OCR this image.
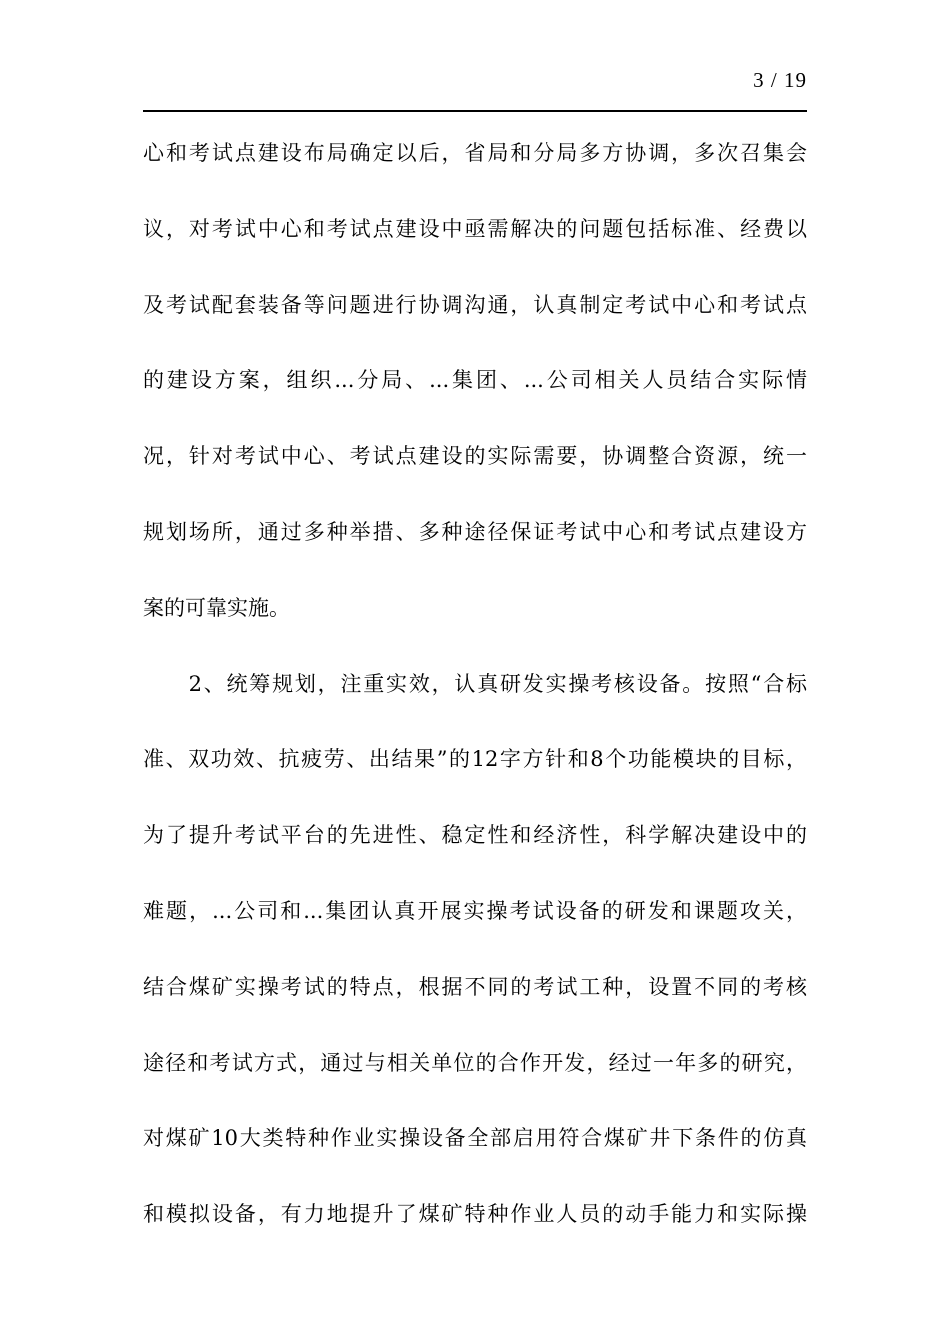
3 / 19
心和考试点建设布局确定以后，省局和分局多方协调，多次召集会
议，对考试中心和考试点建设中亟需解决的问题包括标准、经费以
及考试配套装备等问题进行协调沟通，认真制定考试中心和考试点
的建设方案，组织...分局、...集团、...公司相关人员结合实际情
况，针对考试中心、考试点建设的实际需要，协调整合资源，统一
规划场所，通过多种举措、多种途径保证考试中心和考试点建设方
案的可靠实施。
　　2、统筹规划，注重实效，认真研发实操考核设备。按照“合标
准、双功效、抗疲劳、出结果”的12字方针和8个功能模块的目标，
为了提升考试平台的先进性、稳定性和经济性，科学解决建设中的
难题，...公司和...集团认真开展实操考试设备的研发和课题攻关，
结合煤矿实操考试的特点，根据不同的考试工种，设置不同的考核
途径和考试方式，通过与相关单位的合作开发，经过一年多的研究，
对煤矿10大类特种作业实操设备全部启用符合煤矿井下条件的仿真
和模拟设备，有力地提升了煤矿特种作业人员的动手能力和实际操
